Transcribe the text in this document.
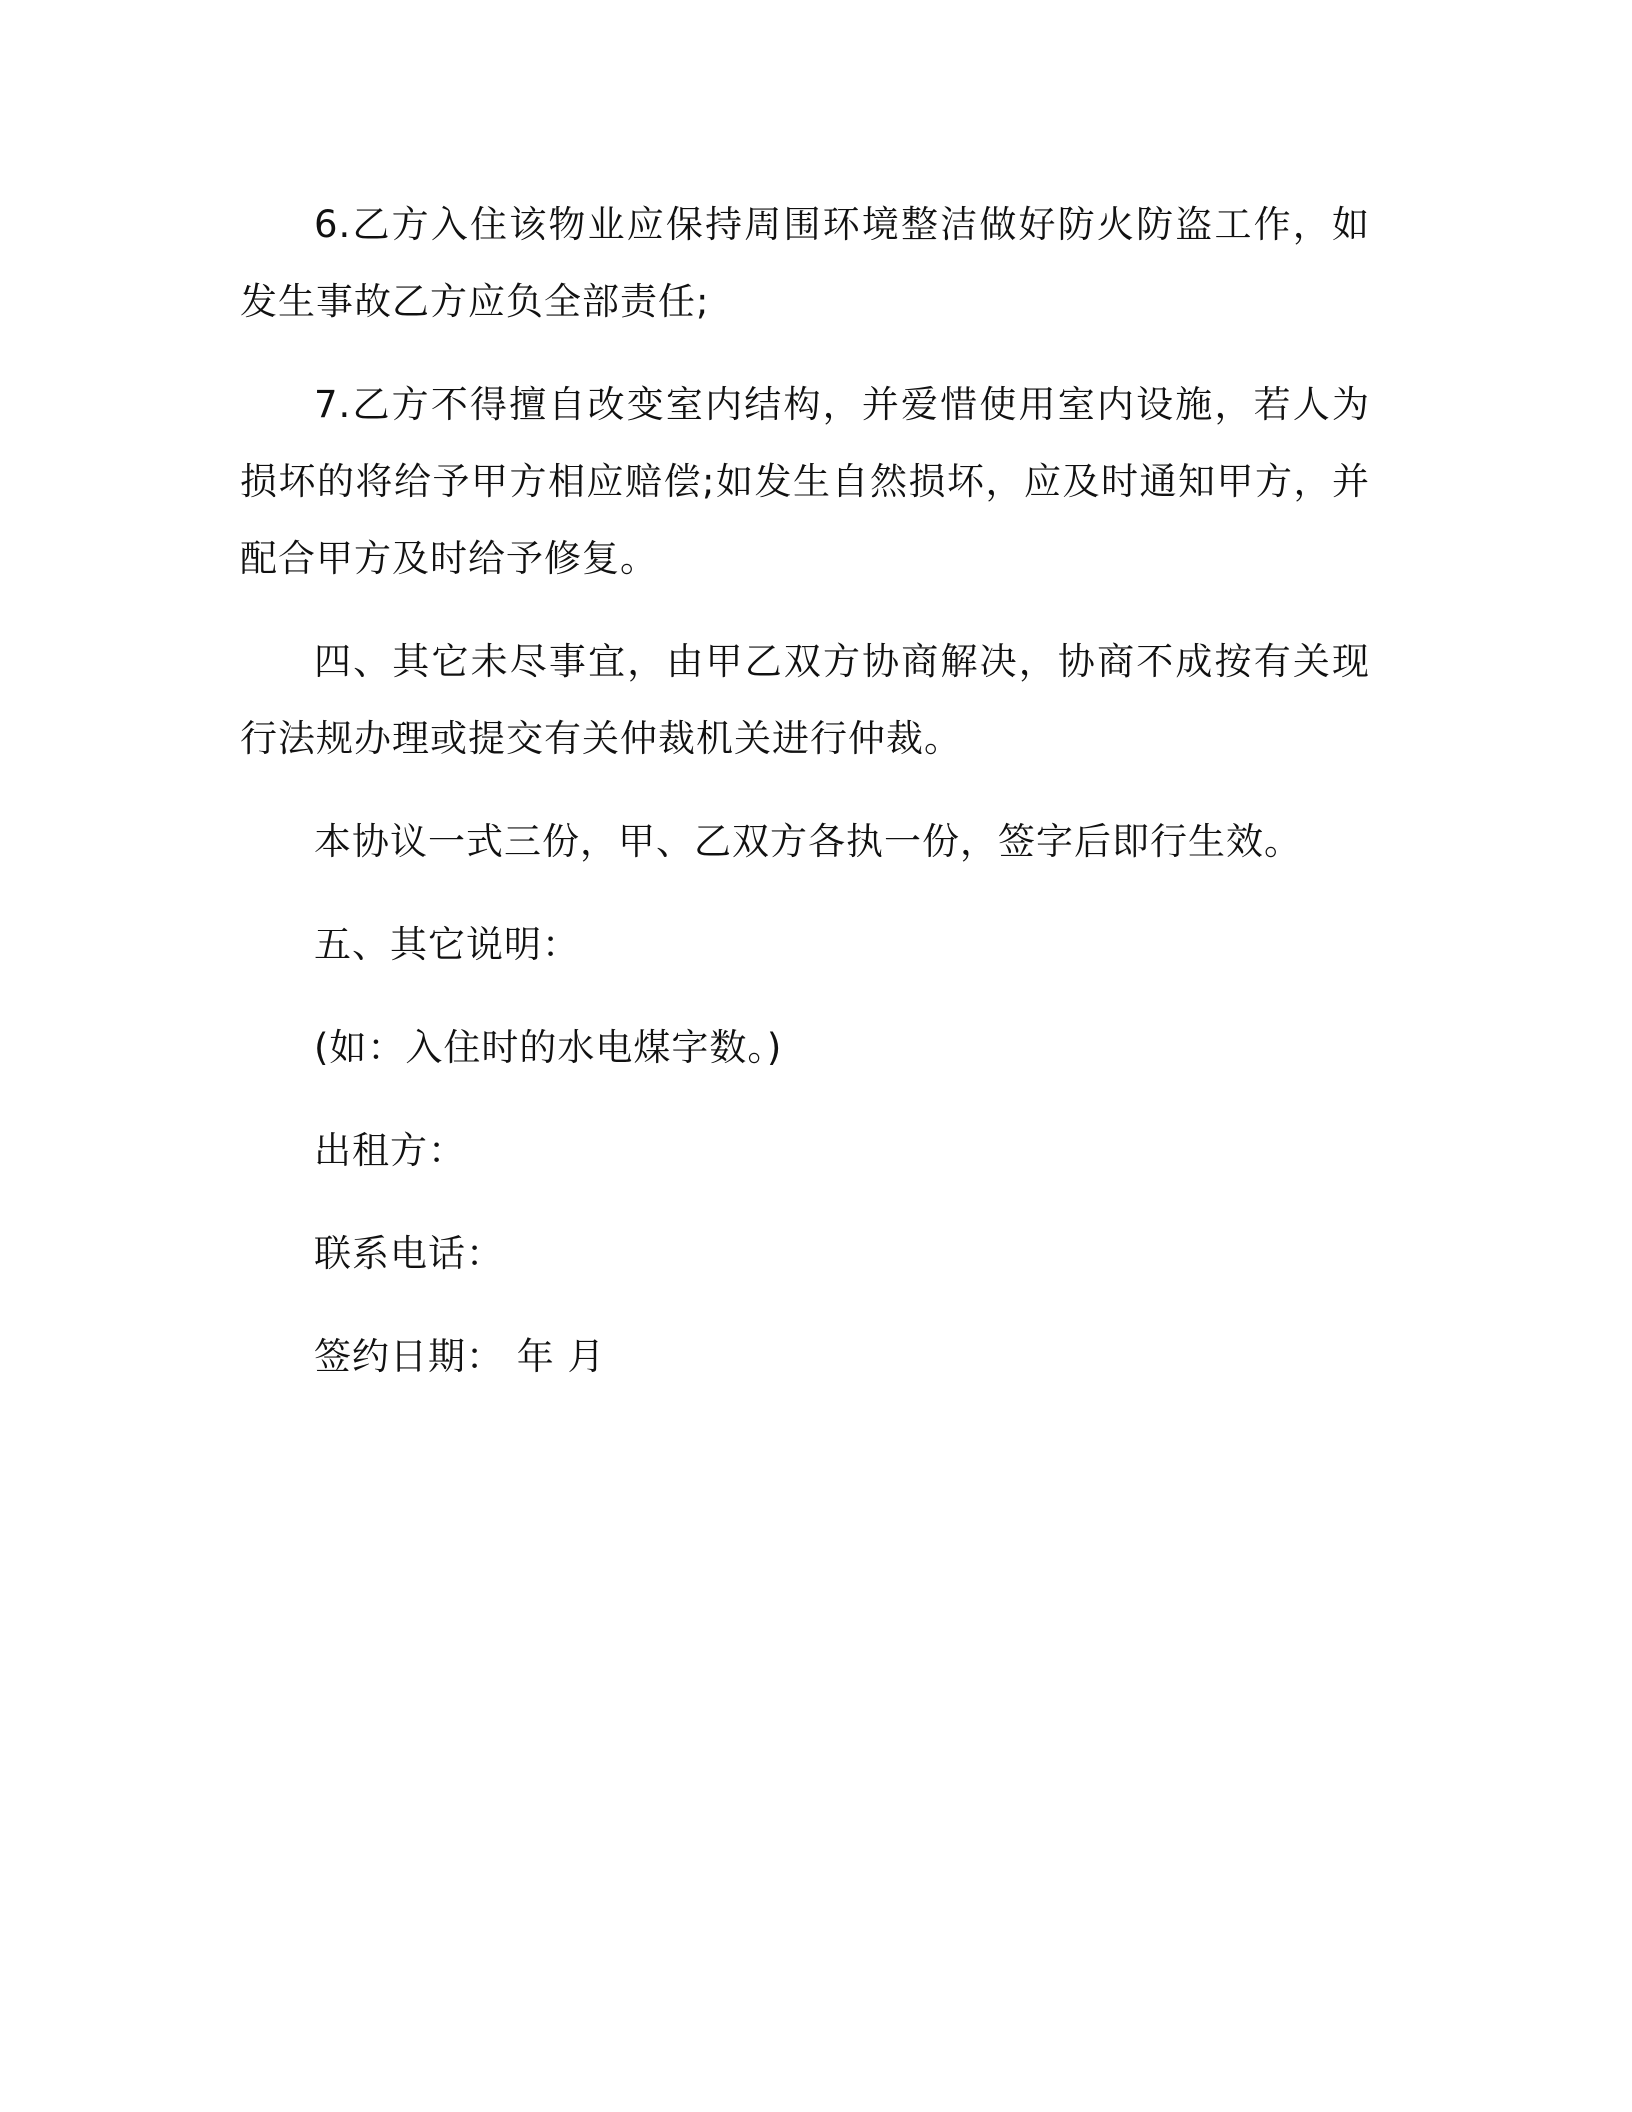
6.乙方入住该物业应保持周围环境整洁做好防火防盗工作，如发生事故乙方应负全部责任;

7.乙方不得擅自改变室内结构，并爱惜使用室内设施，若人为损坏的将给予甲方相应赔偿;如发生自然损坏，应及时通知甲方，并配合甲方及时给予修复。

四、其它未尽事宜，由甲乙双方协商解决，协商不成按有关现行法规办理或提交有关仲裁机关进行仲裁。

本协议一式三份，甲、乙双方各执一份，签字后即行生效。

五、其它说明：

(如：入住时的水电煤字数。)

出租方：

联系电话：

签约日期： 年 月
